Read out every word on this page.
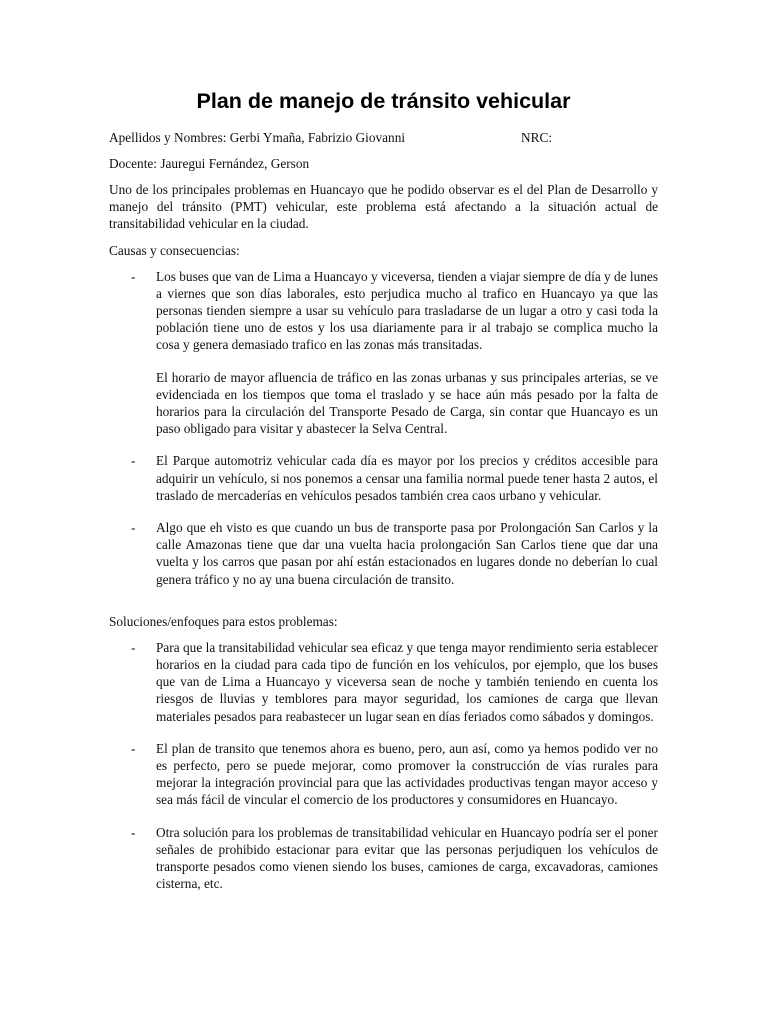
Plan de manejo de tránsito vehicular
Apellidos y Nombres: Gerbi Ymaña, Fabrizio Giovanni	NRC:
Docente: Jauregui Fernández, Gerson

Uno de los principales problemas en Huancayo que he podido observar es el del Plan de Desarrollo y manejo del tránsito (PMT) vehicular, este problema está afectando a la situación actual de transitabilidad vehicular en la ciudad.

Causas y consecuencias:
- Los buses que van de Lima a Huancayo y viceversa, tienden a viajar siempre de día y de lunes a viernes que son días laborales, esto perjudica mucho al trafico en Huancayo ya que las personas tienden siempre a usar su vehículo para trasladarse de un lugar a otro y casi toda la población tiene uno de estos y los usa diariamente para ir al trabajo se complica mucho la cosa y genera demasiado trafico en las zonas más transitadas.

El horario de mayor afluencia de tráfico en las zonas urbanas y sus principales arterias, se ve evidenciada en los tiempos que toma el traslado y se hace aún más pesado por la falta de horarios para la circulación del Transporte Pesado de Carga, sin contar que Huancayo es un paso obligado para visitar y abastecer la Selva Central.

- El Parque automotriz vehicular cada día es mayor por los precios y créditos accesible para adquirir un vehículo, si nos ponemos a censar una familia normal puede tener hasta 2 autos, el traslado de mercaderías en vehículos pesados también crea caos urbano y vehicular.

- Algo que eh visto es que cuando un bus de transporte pasa por Prolongación San Carlos y la calle Amazonas tiene que dar una vuelta hacia prolongación San Carlos tiene que dar una vuelta y los carros que pasan por ahí están estacionados en lugares donde no deberían lo cual genera tráfico y no ay una buena circulación de transito.

Soluciones/enfoques para estos problemas:
- Para que la transitabilidad vehicular sea eficaz y que tenga mayor rendimiento seria establecer horarios en la ciudad para cada tipo de función en los vehículos, por ejemplo, que los buses que van de Lima a Huancayo y viceversa sean de noche y también teniendo en cuenta los riesgos de lluvias y temblores para mayor seguridad, los camiones de carga que llevan materiales pesados para reabastecer un lugar sean en días feriados como sábados y domingos.

- El plan de transito que tenemos ahora es bueno, pero, aun así, como ya hemos podido ver no es perfecto, pero se puede mejorar, como promover la construcción de vías rurales para mejorar la integración provincial para que las actividades productivas tengan mayor acceso y sea más fácil de vincular el comercio de los productores y consumidores en Huancayo.

- Otra solución para los problemas de transitabilidad vehicular en Huancayo podría ser el poner señales de prohibido estacionar para evitar que las personas perjudiquen los vehículos de transporte pesados como vienen siendo los buses, camiones de carga, excavadoras, camiones cisterna, etc.
